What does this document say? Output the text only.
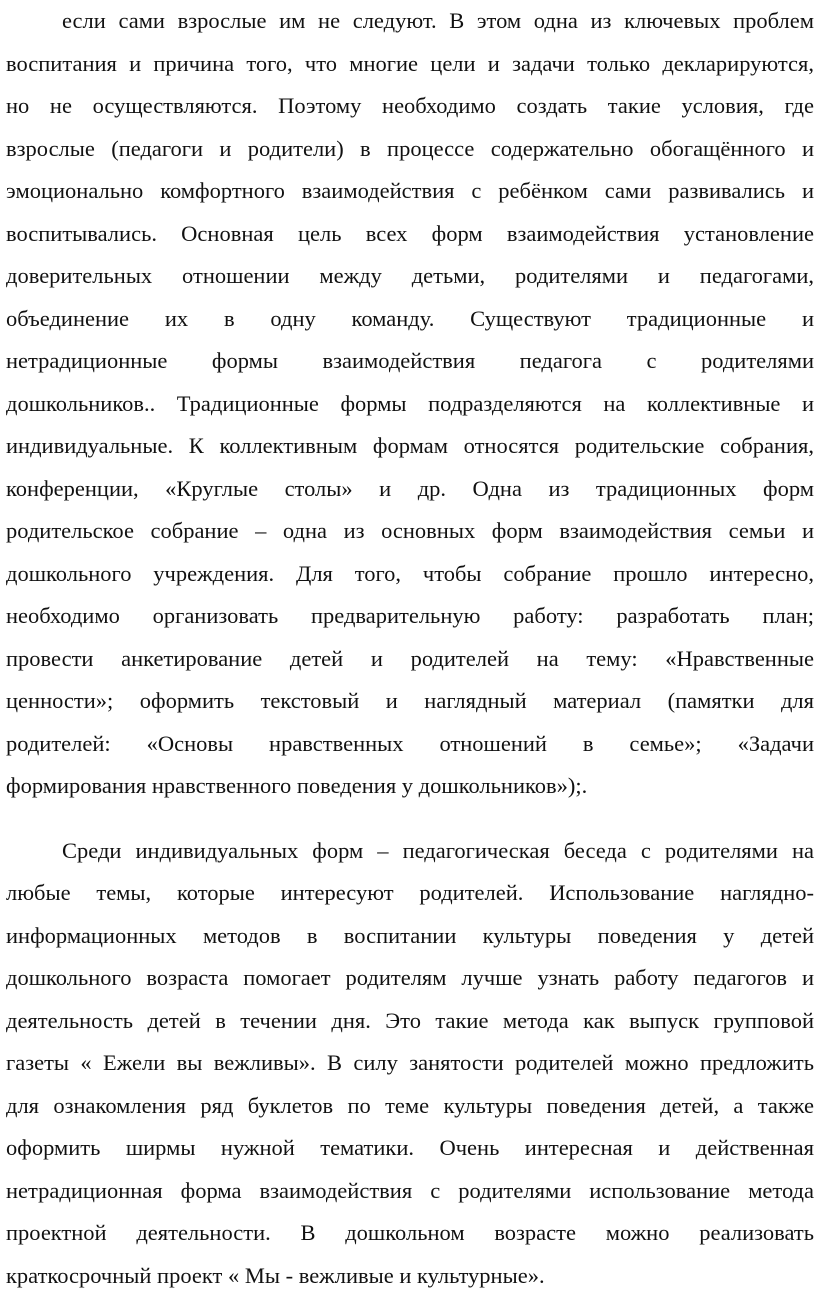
если сами взрослые им не следуют. В этом одна из ключевых проблем
воспитания и причина того, что многие цели и задачи только декларируются,
но не осуществляются. Поэтому необходимо создать такие условия, где
взрослые (педагоги и родители) в процессе содержательно обогащённого и
эмоционально комфортного взаимодействия с ребёнком сами развивались и
воспитывались. Основная цель всех форм взаимодействия установление
доверительных отношении между детьми, родителями и педагогами,
объединение их в одну команду. Существуют традиционные и
нетрадиционные формы взаимодействия педагога с родителями
дошкольников.. Традиционные формы подразделяются на коллективные и
индивидуальные. К коллективным формам относятся родительские собрания,
конференции, «Круглые столы» и др. Одна из традиционных форм
родительское собрание – одна из основных форм взаимодействия семьи и
дошкольного учреждения. Для того, чтобы собрание прошло интересно,
необходимо организовать предварительную работу: разработать план;
провести анкетирование детей и родителей на тему: «Нравственные
ценности»; оформить текстовый и наглядный материал (памятки для
родителей: «Основы нравственных отношений в семье»; «Задачи
формирования нравственного поведения у дошкольников»);.
Среди индивидуальных форм – педагогическая беседа с родителями на
любые темы, которые интересуют родителей. Использование наглядно-
информационных методов в воспитании культуры поведения у детей
дошкольного возраста помогает родителям лучше узнать работу педагогов и
деятельность детей в течении дня. Это такие метода как выпуск групповой
газеты « Ежели вы вежливы». В силу занятости родителей можно предложить
для ознакомления ряд буклетов по теме культуры поведения детей, а также
оформить ширмы нужной тематики. Очень интересная и действенная
нетрадиционная форма взаимодействия с родителями использование метода
проектной деятельности. В дошкольном возрасте можно реализовать
краткосрочный проект « Мы - вежливые и культурные».
